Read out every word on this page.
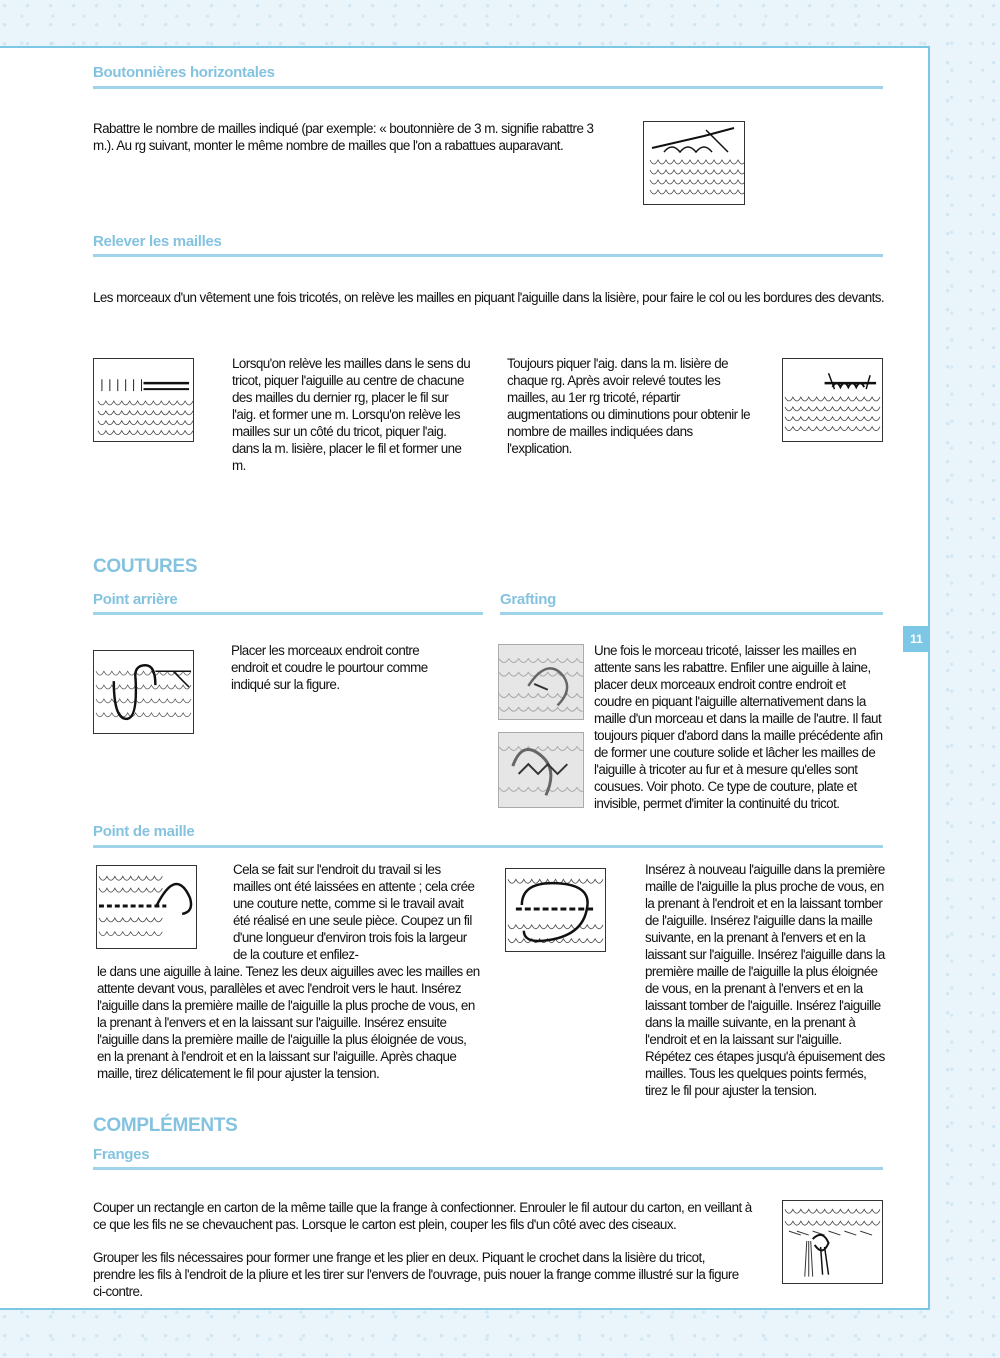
Boutonnières horizontales
Rabattre le nombre de mailles indiqué (par exemple: « boutonnière de 3 m. signifie rabattre 3 m.). Au rg suivant, monter le même nombre de mailles que l'on a rabattues auparavant.
Relever les mailles
Les morceaux d'un vêtement une fois tricotés, on relève les mailles en piquant l'aiguille dans la lisière, pour faire le col ou les bordures des devants.
Lorsqu'on relève les mailles dans le sens du tricot, piquer l'aiguille au centre de chacune des mailles du dernier rg, placer le fil sur l'aig. et former une m. Lorsqu'on relève les mailles sur un côté du tricot, piquer l'aig. dans la m. lisière, placer le fil et former une m.
Toujours piquer l'aig. dans la m. lisière de chaque rg. Après avoir relevé toutes les mailles, au 1er rg tricoté, répartir augmentations ou diminutions pour obtenir le nombre de mailles indiquées dans l'explication.
COUTURES
Point arrière	Grafting
Placer les morceaux endroit contre endroit et coudre le pourtour comme indiqué sur la figure.
Une fois le morceau tricoté, laisser les mailles en attente sans les rabattre. Enfiler une aiguille à laine, placer deux morceaux endroit contre endroit et coudre en piquant l'aiguille alternativement dans la maille d'un morceau et dans la maille de l'autre. Il faut toujours piquer d'abord dans la maille précédente afin de former une couture solide et lâcher les mailles de l'aiguille à tricoter au fur et à mesure qu'elles sont cousues. Voir photo. Ce type de couture, plate et invisible, permet d'imiter la continuité du tricot.
Point de maille
Cela se fait sur l'endroit du travail si les mailles ont été laissées en attente ; cela crée une couture nette, comme si le travail avait été réalisé en une seule pièce. Coupez un fil d'une longueur d'environ trois fois la largeur de la couture et enfilez-
le dans une aiguille à laine. Tenez les deux aiguilles avec les mailles en attente devant vous, parallèles et avec l'endroit vers le haut. Insérez l'aiguille dans la première maille de l'aiguille la plus proche de vous, en la prenant à l'envers et en la laissant sur l'aiguille. Insérez ensuite l'aiguille dans la première maille de l'aiguille la plus éloignée de vous, en la prenant à l'endroit et en la laissant sur l'aiguille. Après chaque maille, tirez délicatement le fil pour ajuster la tension.
Insérez à nouveau l'aiguille dans la première maille de l'aiguille la plus proche de vous, en la prenant à l'endroit et en la laissant tomber de l'aiguille. Insérez l'aiguille dans la maille suivante, en la prenant à l'envers et en la laissant sur l'aiguille. Insérez l'aiguille dans la première maille de l'aiguille la plus éloignée de vous, en la prenant à l'envers et en la laissant tomber de l'aiguille. Insérez l'aiguille dans la maille suivante, en la prenant à l'endroit et en la laissant sur l'aiguille. Répétez ces étapes jusqu'à épuisement des mailles. Tous les quelques points fermés, tirez le fil pour ajuster la tension.
COMPLÉMENTS
Franges
Couper un rectangle en carton de la même taille que la frange à confectionner. Enrouler le fil autour du carton, en veillant à ce que les fils ne se chevauchent pas. Lorsque le carton est plein, couper les fils d'un côté avec des ciseaux.
Grouper les fils nécessaires pour former une frange et les plier en deux. Piquant le crochet dans la lisière du tricot, prendre les fils à l'endroit de la pliure et les tirer sur l'envers de l'ouvrage, puis nouer la frange comme illustré sur la figure ci-contre.
11
